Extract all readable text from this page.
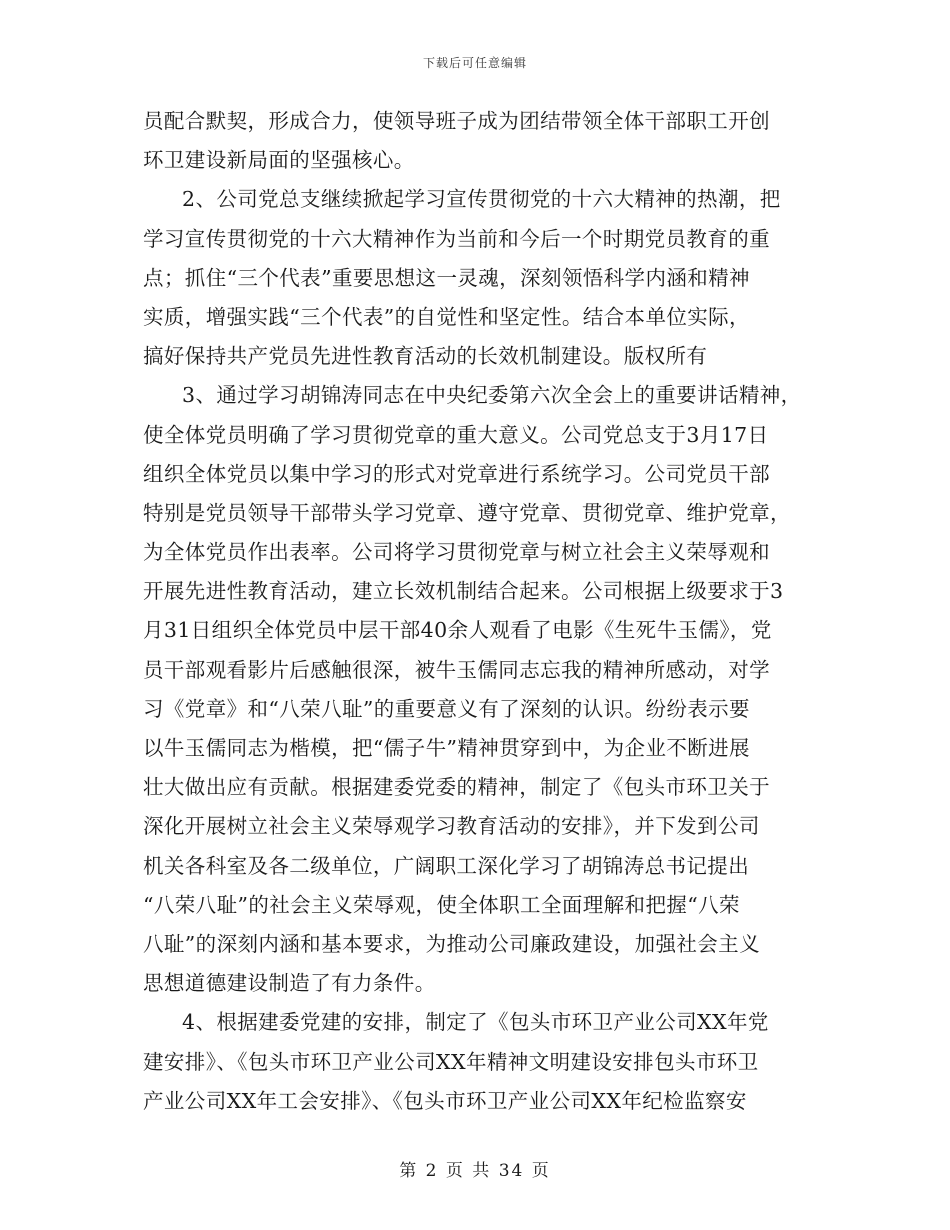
下载后可任意编辑
员配合默契，形成合力，使领导班子成为团结带领全体干部职工开创
环卫建设新局面的坚强核心。
2、公司党总支继续掀起学习宣传贯彻党的十六大精神的热潮，把
学习宣传贯彻党的十六大精神作为当前和今后一个时期党员教育的重
点；抓住“三个代表”重要思想这一灵魂，深刻领悟科学内涵和精神
实质，增强实践“三个代表”的自觉性和坚定性。结合本单位实际，
搞好保持共产党员先进性教育活动的长效机制建设。版权所有
3、通过学习胡锦涛同志在中央纪委第六次全会上的重要讲话精神，
使全体党员明确了学习贯彻党章的重大意义。公司党总支于3月17日
组织全体党员以集中学习的形式对党章进行系统学习。公司党员干部
特别是党员领导干部带头学习党章、遵守党章、贯彻党章、维护党章，
为全体党员作出表率。公司将学习贯彻党章与树立社会主义荣辱观和
开展先进性教育活动，建立长效机制结合起来。公司根据上级要求于3
月31日组织全体党员中层干部40余人观看了电影《生死牛玉儒》，党
员干部观看影片后感触很深，被牛玉儒同志忘我的精神所感动，对学
习《党章》和“八荣八耻”的重要意义有了深刻的认识。纷纷表示要
以牛玉儒同志为楷模，把“儒子牛”精神贯穿到中，为企业不断进展
壮大做出应有贡献。根据建委党委的精神，制定了《包头市环卫关于
深化开展树立社会主义荣辱观学习教育活动的安排》，并下发到公司
机关各科室及各二级单位，广阔职工深化学习了胡锦涛总书记提出
“八荣八耻”的社会主义荣辱观，使全体职工全面理解和把握“八荣
八耻”的深刻内涵和基本要求，为推动公司廉政建设，加强社会主义
思想道德建设制造了有力条件。
4、根据建委党建的安排，制定了《包头市环卫产业公司XX年党
建安排》、《包头市环卫产业公司XX年精神文明建设安排包头市环卫
产业公司XX年工会安排》、《包头市环卫产业公司XX年纪检监察安
第 2 页 共 34 页
